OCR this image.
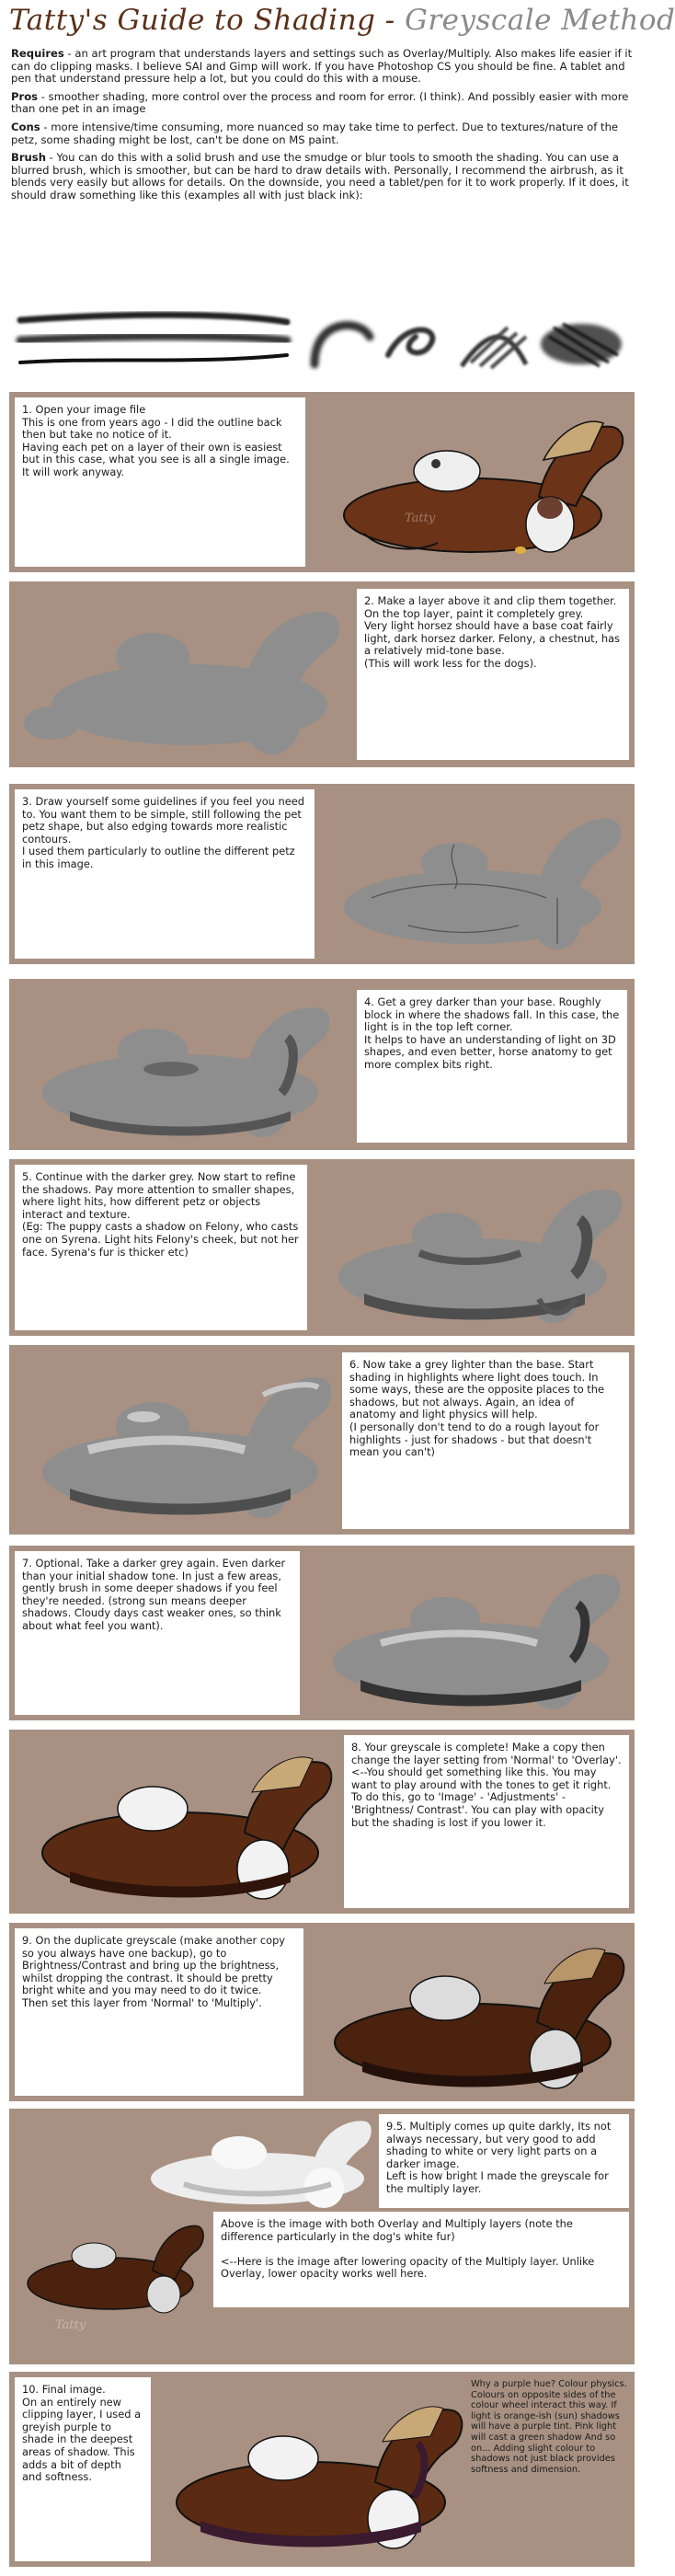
Tatty's Guide to Shading - Greyscale Method

Requires - an art program that understands layers and settings such as Overlay/Multiply. Also makes life easier if it can do clipping masks. I believe SAI and Gimp will work. If you have Photoshop CS you should be fine. A tablet and pen that understand pressure help a lot, but you could do this with a mouse.

Pros - smoother shading, more control over the process and room for error. (I think). And possibly easier with more than one pet in an image

Cons - more intensive/time consuming, more nuanced so may take time to perfect. Due to textures/nature of the petz, some shading might be lost, can't be done on MS paint.

Brush - You can do this with a solid brush and use the smudge or blur tools to smooth the shading. You can use a blurred brush, which is smoother, but can be hard to draw details with. Personally, I recommend the airbrush, as it blends very easily but allows for details. On the downside, you need a tablet/pen for it to work properly. If it does, it should draw something like this (examples all with just black ink):

1. Open your image file
This is one from years ago - I did the outline back then but take no notice of it.
Having each pet on a layer of their own is easiest but in this case, what you see is all a single image.
It will work anyway.

Tatty

2. Make a layer above it and clip them together. On the top layer, paint it completely grey.
Very light horsez should have a base coat fairly light, dark horsez darker. Felony, a chestnut, has a relatively mid-tone base.
(This will work less for the dogs).

3. Draw yourself some guidelines if you feel you need to. You want them to be simple, still following the pet petz shape, but also edging towards more realistic contours.
I used them particularly to outline the different petz in this image.

4. Get a grey darker than your base. Roughly block in where the shadows fall. In this case, the light is in the top left corner.
It helps to have an understanding of light on 3D shapes, and even better, horse anatomy to get more complex bits right.

5. Continue with the darker grey. Now start to refine the shadows. Pay more attention to smaller shapes, where light hits, how different petz or objects interact and texture.
(Eg: The puppy casts a shadow on Felony, who casts one on Syrena. Light hits Felony's cheek, but not her face. Syrena's fur is thicker etc)

6. Now take a grey lighter than the base. Start shading in highlights where light does touch. In some ways, these are the opposite places to the shadows, but not always. Again, an idea of anatomy and light physics will help.
(I personally don't tend to do a rough layout for highlights - just for shadows - but that doesn't mean you can't)

7. Optional. Take a darker grey again. Even darker than your initial shadow tone. In just a few areas, gently brush in some deeper shadows if you feel they're needed. (strong sun means deeper shadows. Cloudy days cast weaker ones, so think about what feel you want).

8. Your greyscale is complete! Make a copy then change the layer setting from 'Normal' to 'Overlay'.
<--You should get something like this. You may want to play around with the tones to get it right. To do this, go to 'Image' - 'Adjustments' - 'Brightness/ Contrast'. You can play with opacity but the shading is lost if you lower it.

9. On the duplicate greyscale (make another copy so you always have one backup), go to Brightness/Contrast and bring up the brightness, whilst dropping the contrast. It should be pretty bright white and you may need to do it twice.
Then set this layer from 'Normal' to 'Multiply'.

9.5. Multiply comes up quite darkly, Its not always necessary, but very good to add shading to white or very light parts on a darker image.
Left is how bright I made the greyscale for the multiply layer.

Above is the image with both Overlay and Multiply layers (note the difference particularly in the dog's white fur)

<--Here is the image after lowering opacity of the Multiply layer. Unlike Overlay, lower opacity works well here.

Tatty

10. Final image.
On an entirely new clipping layer, I used a greyish purple to shade in the deepest areas of shadow. This adds a bit of depth and softness.

Why a purple hue? Colour physics. Colours on opposite sides of the colour wheel interact this way. If light is orange-ish (sun) shadows will have a purple tint. Pink light will cast a green shadow And so on... Adding slight colour to shadows not just black provides softness and dimension.
